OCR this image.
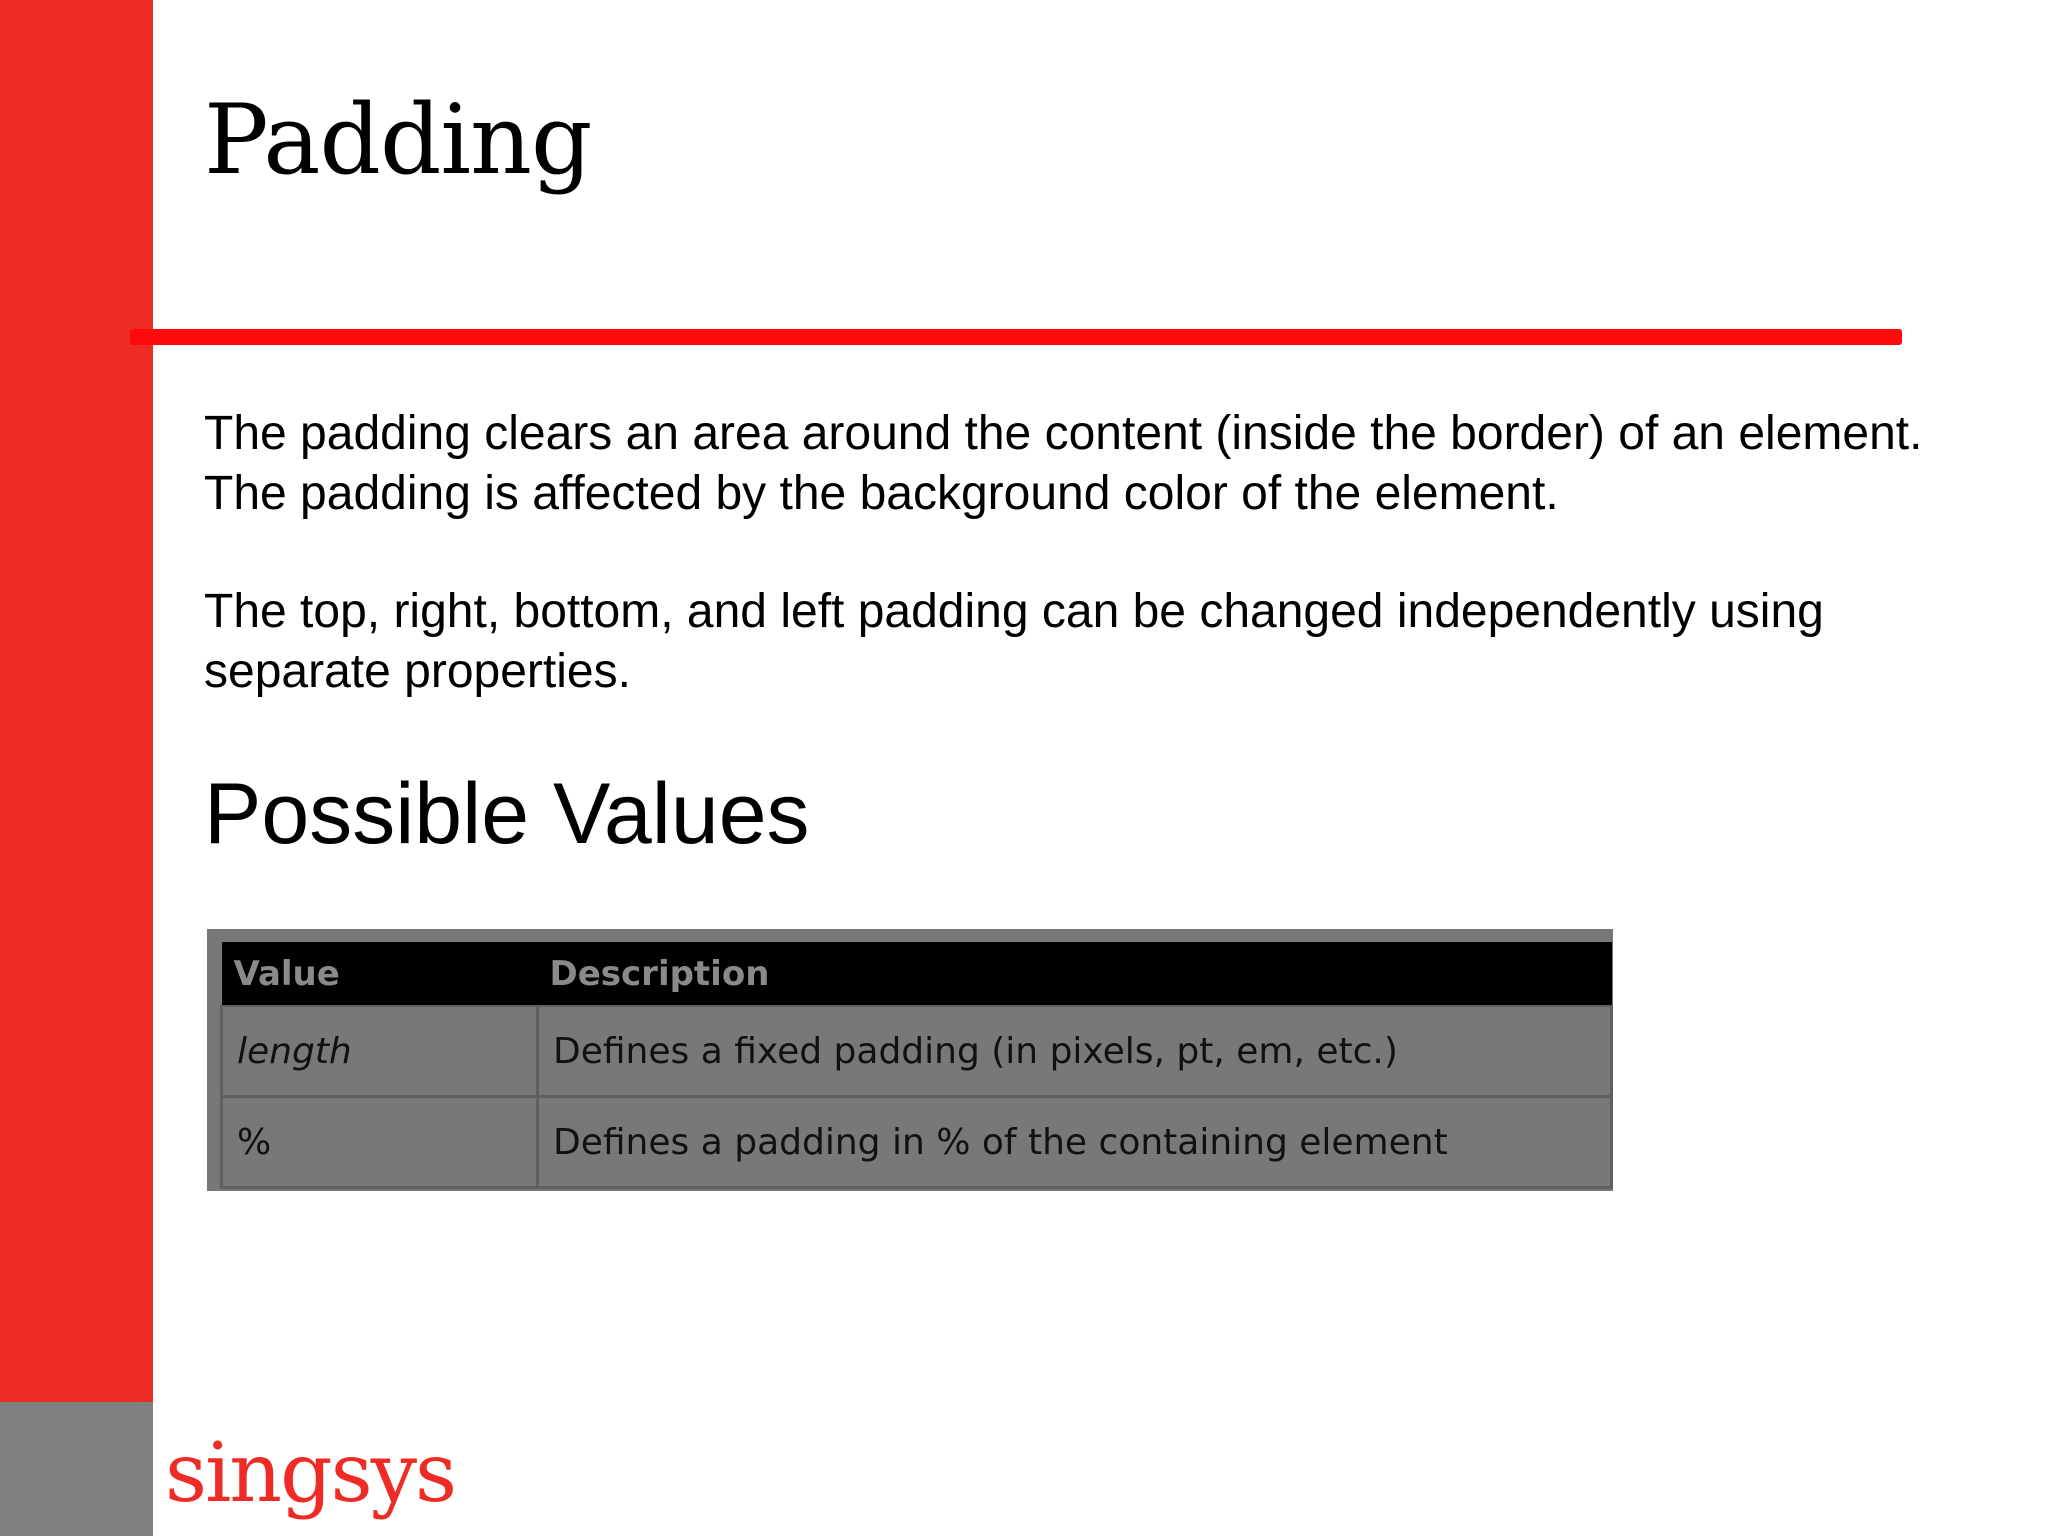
Padding

The padding clears an area around the content (inside the border) of an element. The padding is affected by the background color of the element.

The top, right, bottom, and left padding can be changed independently using separate properties.

Possible Values
Value	Description
length	Defines a fixed padding (in pixels, pt, em, etc.)
%	Defines a padding in % of the containing element
singsys
